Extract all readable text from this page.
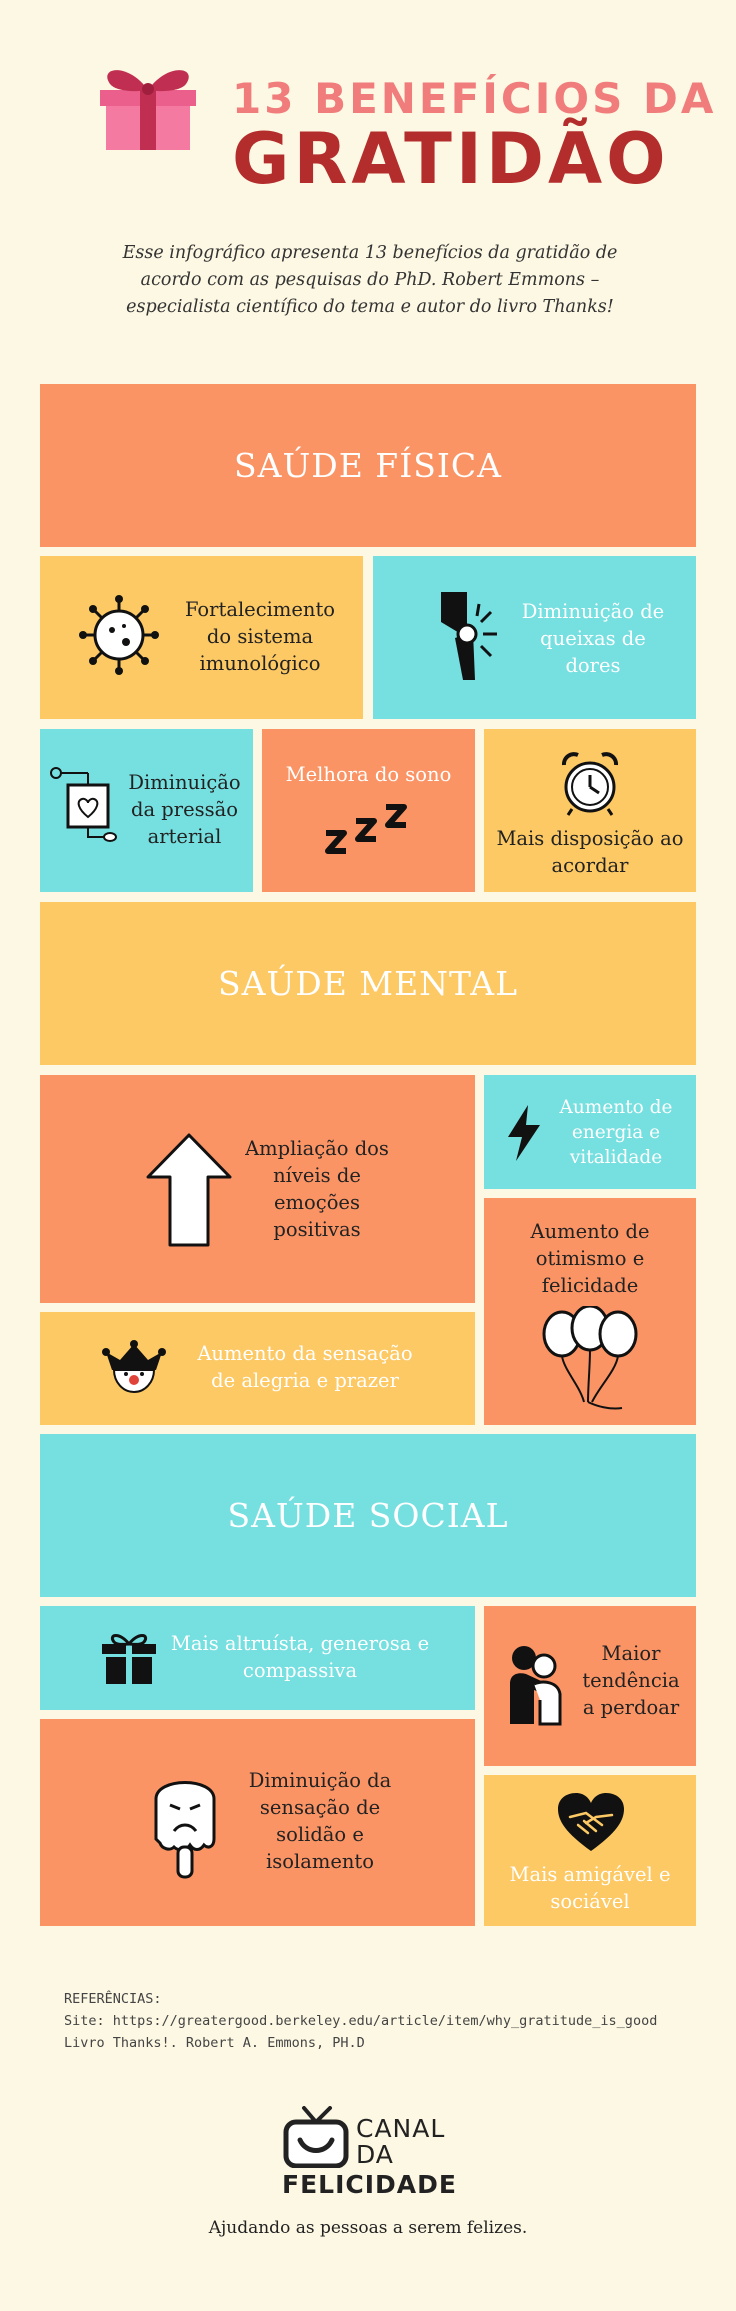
13 BENEFÍCIOS DA
GRATIDÃO
Esse infográfico apresenta 13 benefícios da gratidão de acordo com as pesquisas do PhD. Robert Emmons – especialista científico do tema e autor do livro Thanks!
SAÚDE FÍSICA
Fortalecimento do sistema imunológico
Diminuição de queixas de dores
Diminuição da pressão arterial
Melhora do sono
Mais disposição ao acordar
SAÚDE MENTAL
Ampliação dos níveis de emoções positivas
Aumento de energia e vitalidade
Aumento de otimismo e felicidade
Aumento da sensação de alegria e prazer
SAÚDE SOCIAL
Mais altruísta, generosa e compassiva
Maior tendência a perdoar
Diminuição da sensação de solidão e isolamento
Mais amigável e sociável
REFERÊNCIAS:
Site: https://greatergood.berkeley.edu/article/item/why_gratitude_is_good
Livro Thanks!. Robert A. Emmons, PH.D
CANAL
DA
FELICIDADE
Ajudando as pessoas a serem felizes.
